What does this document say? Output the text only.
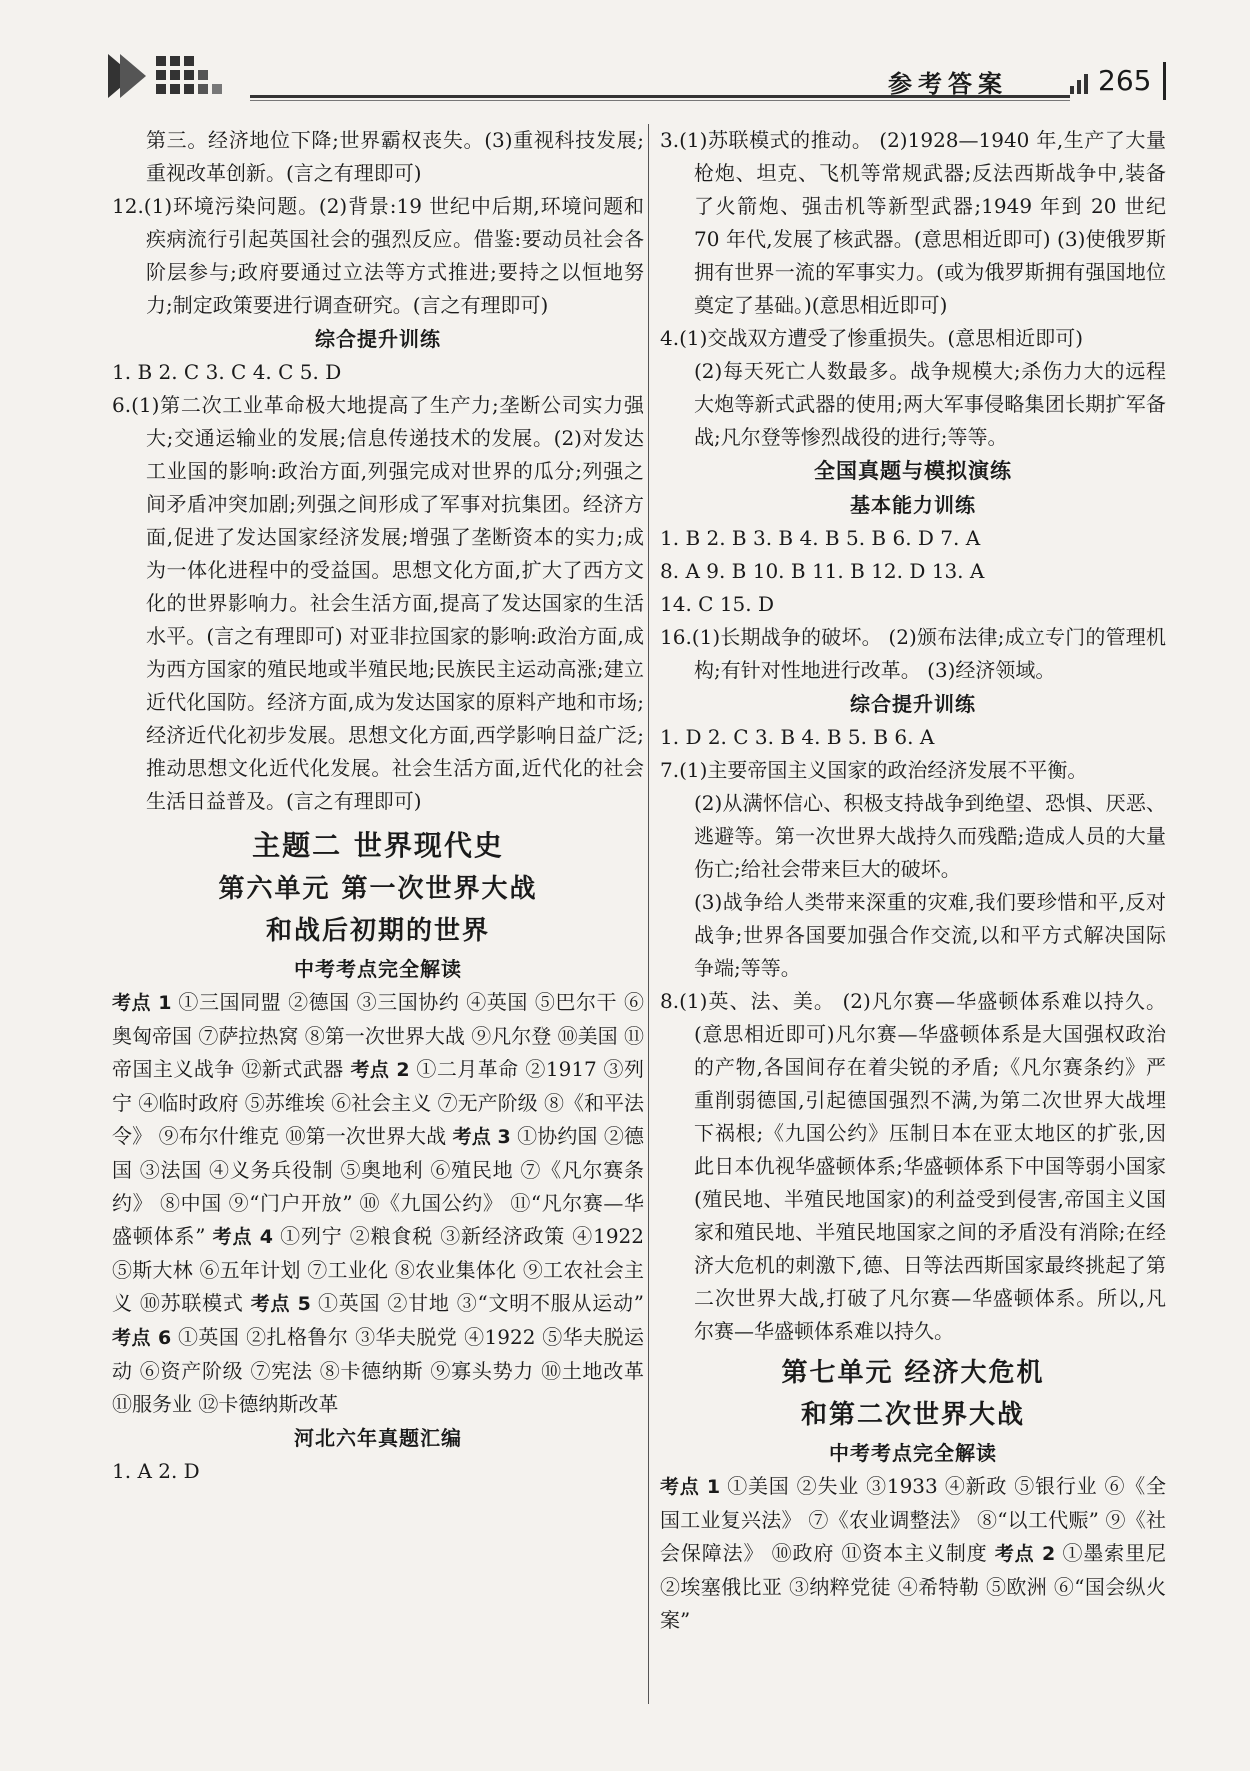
参考答案	265

第三。经济地位下降;世界霸权丧失。(3)重视科技发展;重视改革创新。(言之有理即可)

12.(1)环境污染问题。(2)背景:19 世纪中后期,环境问题和疾病流行引起英国社会的强烈反应。借鉴:要动员社会各阶层参与;政府要通过立法等方式推进;要持之以恒地努力;制定政策要进行调查研究。(言之有理即可)

综合提升训练

1. B 2. C 3. C 4. C 5. D

6.(1)第二次工业革命极大地提高了生产力;垄断公司实力强大;交通运输业的发展;信息传递技术的发展。(2)对发达工业国的影响:政治方面,列强完成对世界的瓜分;列强之间矛盾冲突加剧;列强之间形成了军事对抗集团。经济方面,促进了发达国家经济发展;增强了垄断资本的实力;成为一体化进程中的受益国。思想文化方面,扩大了西方文化的世界影响力。社会生活方面,提高了发达国家的生活水平。(言之有理即可) 对亚非拉国家的影响:政治方面,成为西方国家的殖民地或半殖民地;民族民主运动高涨;建立近代化国防。经济方面,成为发达国家的原料产地和市场;经济近代化初步发展。思想文化方面,西学影响日益广泛;推动思想文化近代化发展。社会生活方面,近代化的社会生活日益普及。(言之有理即可)

主题二 世界现代史
第六单元 第一次世界大战
和战后初期的世界
中考考点完全解读

考点 1 ①三国同盟 ②德国 ③三国协约 ④英国 ⑤巴尔干 ⑥奥匈帝国 ⑦萨拉热窝 ⑧第一次世界大战 ⑨凡尔登 ⑩美国 ⑪帝国主义战争 ⑫新式武器 考点 2 ①二月革命 ②1917 ③列宁 ④临时政府 ⑤苏维埃 ⑥社会主义 ⑦无产阶级 ⑧《和平法令》 ⑨布尔什维克 ⑩第一次世界大战 考点 3 ①协约国 ②德国 ③法国 ④义务兵役制 ⑤奥地利 ⑥殖民地 ⑦《凡尔赛条约》 ⑧中国 ⑨“门户开放” ⑩《九国公约》 ⑪“凡尔赛—华盛顿体系” 考点 4 ①列宁 ②粮食税 ③新经济政策 ④1922 ⑤斯大林 ⑥五年计划 ⑦工业化 ⑧农业集体化 ⑨工农社会主义 ⑩苏联模式 考点 5 ①英国 ②甘地 ③“文明不服从运动” 考点 6 ①英国 ②扎格鲁尔 ③华夫脱党 ④1922 ⑤华夫脱运动 ⑥资产阶级 ⑦宪法 ⑧卡德纳斯 ⑨寡头势力 ⑩土地改革 ⑪服务业 ⑫卡德纳斯改革

河北六年真题汇编

1. A 2. D

3.(1)苏联模式的推动。 (2)1928—1940 年,生产了大量枪炮、坦克、飞机等常规武器;反法西斯战争中,装备了火箭炮、强击机等新型武器;1949 年到 20 世纪 70 年代,发展了核武器。(意思相近即可) (3)使俄罗斯拥有世界一流的军事实力。(或为俄罗斯拥有强国地位奠定了基础。)(意思相近即可)

4.(1)交战双方遭受了惨重损失。(意思相近即可)

(2)每天死亡人数最多。战争规模大;杀伤力大的远程大炮等新式武器的使用;两大军事侵略集团长期扩军备战;凡尔登等惨烈战役的进行;等等。

全国真题与模拟演练
基本能力训练

1. B 2. B 3. B 4. B 5. B 6. D 7. A

8. A 9. B 10. B 11. B 12. D 13. A

14. C 15. D

16.(1)长期战争的破坏。 (2)颁布法律;成立专门的管理机构;有针对性地进行改革。 (3)经济领域。

综合提升训练

1. D 2. C 3. B 4. B 5. B 6. A

7.(1)主要帝国主义国家的政治经济发展不平衡。

(2)从满怀信心、积极支持战争到绝望、恐惧、厌恶、逃避等。第一次世界大战持久而残酷;造成人员的大量伤亡;给社会带来巨大的破坏。

(3)战争给人类带来深重的灾难,我们要珍惜和平,反对战争;世界各国要加强合作交流,以和平方式解决国际争端;等等。

8.(1)英、法、美。 (2)凡尔赛—华盛顿体系难以持久。(意思相近即可)凡尔赛—华盛顿体系是大国强权政治的产物,各国间存在着尖锐的矛盾;《凡尔赛条约》严重削弱德国,引起德国强烈不满,为第二次世界大战埋下祸根;《九国公约》压制日本在亚太地区的扩张,因此日本仇视华盛顿体系;华盛顿体系下中国等弱小国家(殖民地、半殖民地国家)的利益受到侵害,帝国主义国家和殖民地、半殖民地国家之间的矛盾没有消除;在经济大危机的刺激下,德、日等法西斯国家最终挑起了第二次世界大战,打破了凡尔赛—华盛顿体系。所以,凡尔赛—华盛顿体系难以持久。

第七单元 经济大危机
和第二次世界大战
中考考点完全解读

考点 1 ①美国 ②失业 ③1933 ④新政 ⑤银行业 ⑥《全国工业复兴法》 ⑦《农业调整法》 ⑧“以工代赈” ⑨《社会保障法》 ⑩政府 ⑪资本主义制度 考点 2 ①墨索里尼 ②埃塞俄比亚 ③纳粹党徒 ④希特勒 ⑤欧洲 ⑥“国会纵火案”
